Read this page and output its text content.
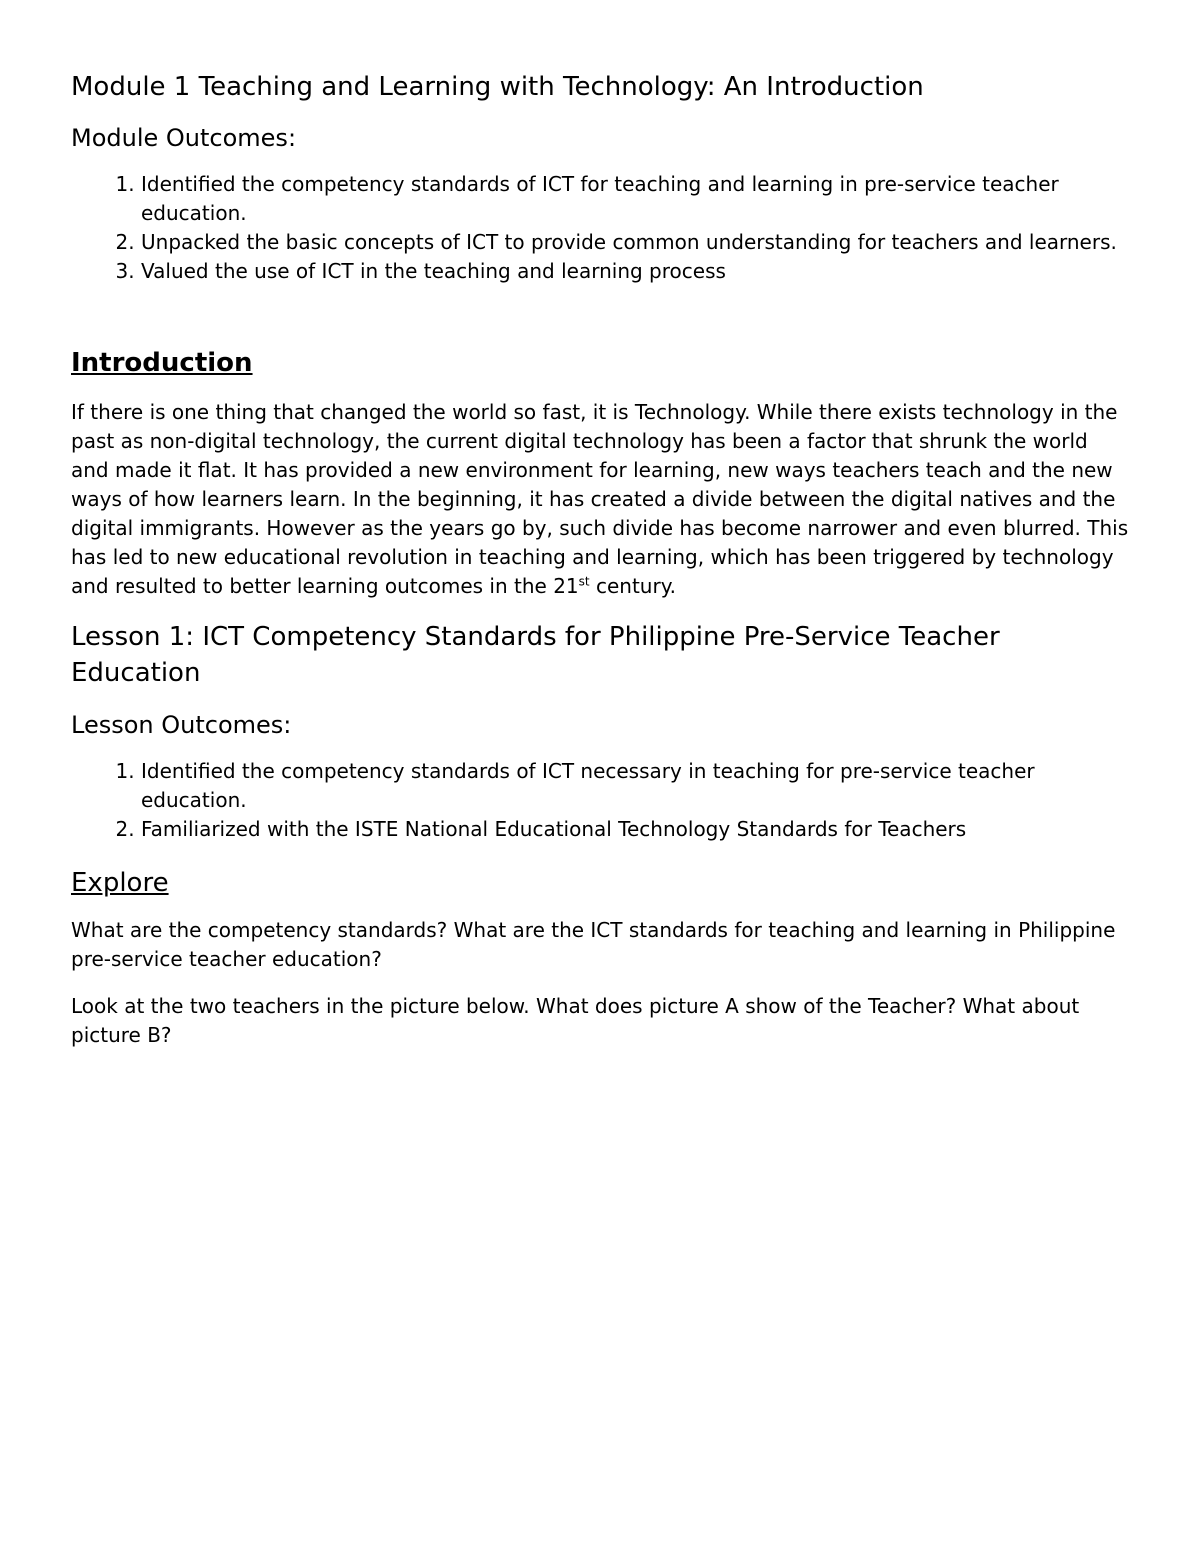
Module 1 Teaching and Learning with Technology: An Introduction
Module Outcomes:
1. Identified the competency standards of ICT for teaching and learning in pre-service teacher education.
2. Unpacked the basic concepts of ICT to provide common understanding for teachers and learners.
3. Valued the use of ICT in the teaching and learning process
Introduction

If there is one thing that changed the world so fast, it is Technology. While there exists technology in the past as non-digital technology, the current digital technology has been a factor that shrunk the world and made it flat. It has provided a new environment for learning, new ways teachers teach and the new ways of how learners learn. In the beginning, it has created a divide between the digital natives and the digital immigrants. However as the years go by, such divide has become narrower and even blurred. This has led to new educational revolution in teaching and learning, which has been triggered by technology and resulted to better learning outcomes in the 21st century.

Lesson 1: ICT Competency Standards for Philippine Pre-Service Teacher Education
Lesson Outcomes:
1. Identified the competency standards of ICT necessary in teaching for pre-service teacher education.
2. Familiarized with the ISTE National Educational Technology Standards for Teachers
Explore

What are the competency standards? What are the ICT standards for teaching and learning in Philippine pre-service teacher education?

Look at the two teachers in the picture below. What does picture A show of the Teacher? What about picture B?
